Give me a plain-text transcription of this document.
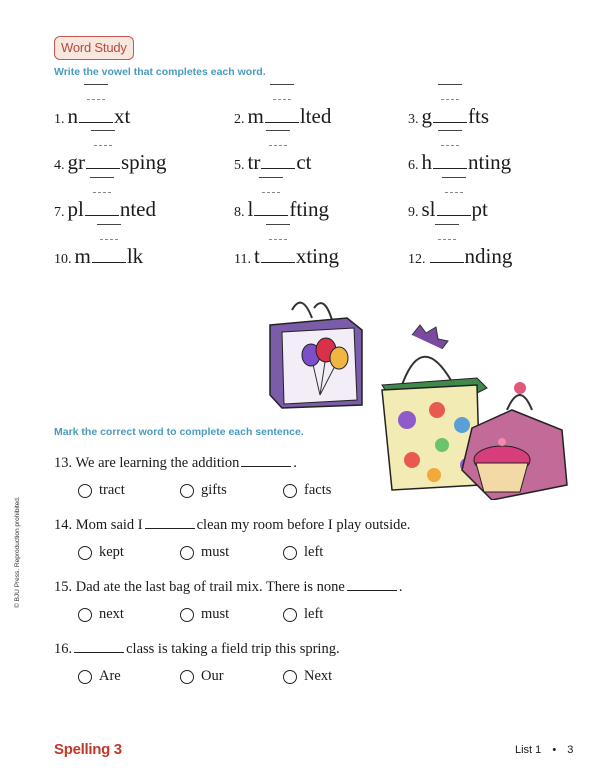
Word Study
Write the vowel that completes each word.
1. n xt	2. m lted	3. g fts
4. gr sping	5. tr ct	6. h nting
7. pl nted	8. l fting	9. sl pt
10. m lk	11. t xting	12. nding
Mark the correct word to complete each sentence.
13. We are learning the addition	.
tract	gifts	facts
14. Mom said I	clean my room before I play outside.
kept	must	left
15. Dad ate the last bag of trail mix. There is none	.
next	must	left
16.	class is taking a field trip this spring.
Are	Our	Next
© BJU Press. Reproduction prohibited.
Spelling 3	List 1 • 3
